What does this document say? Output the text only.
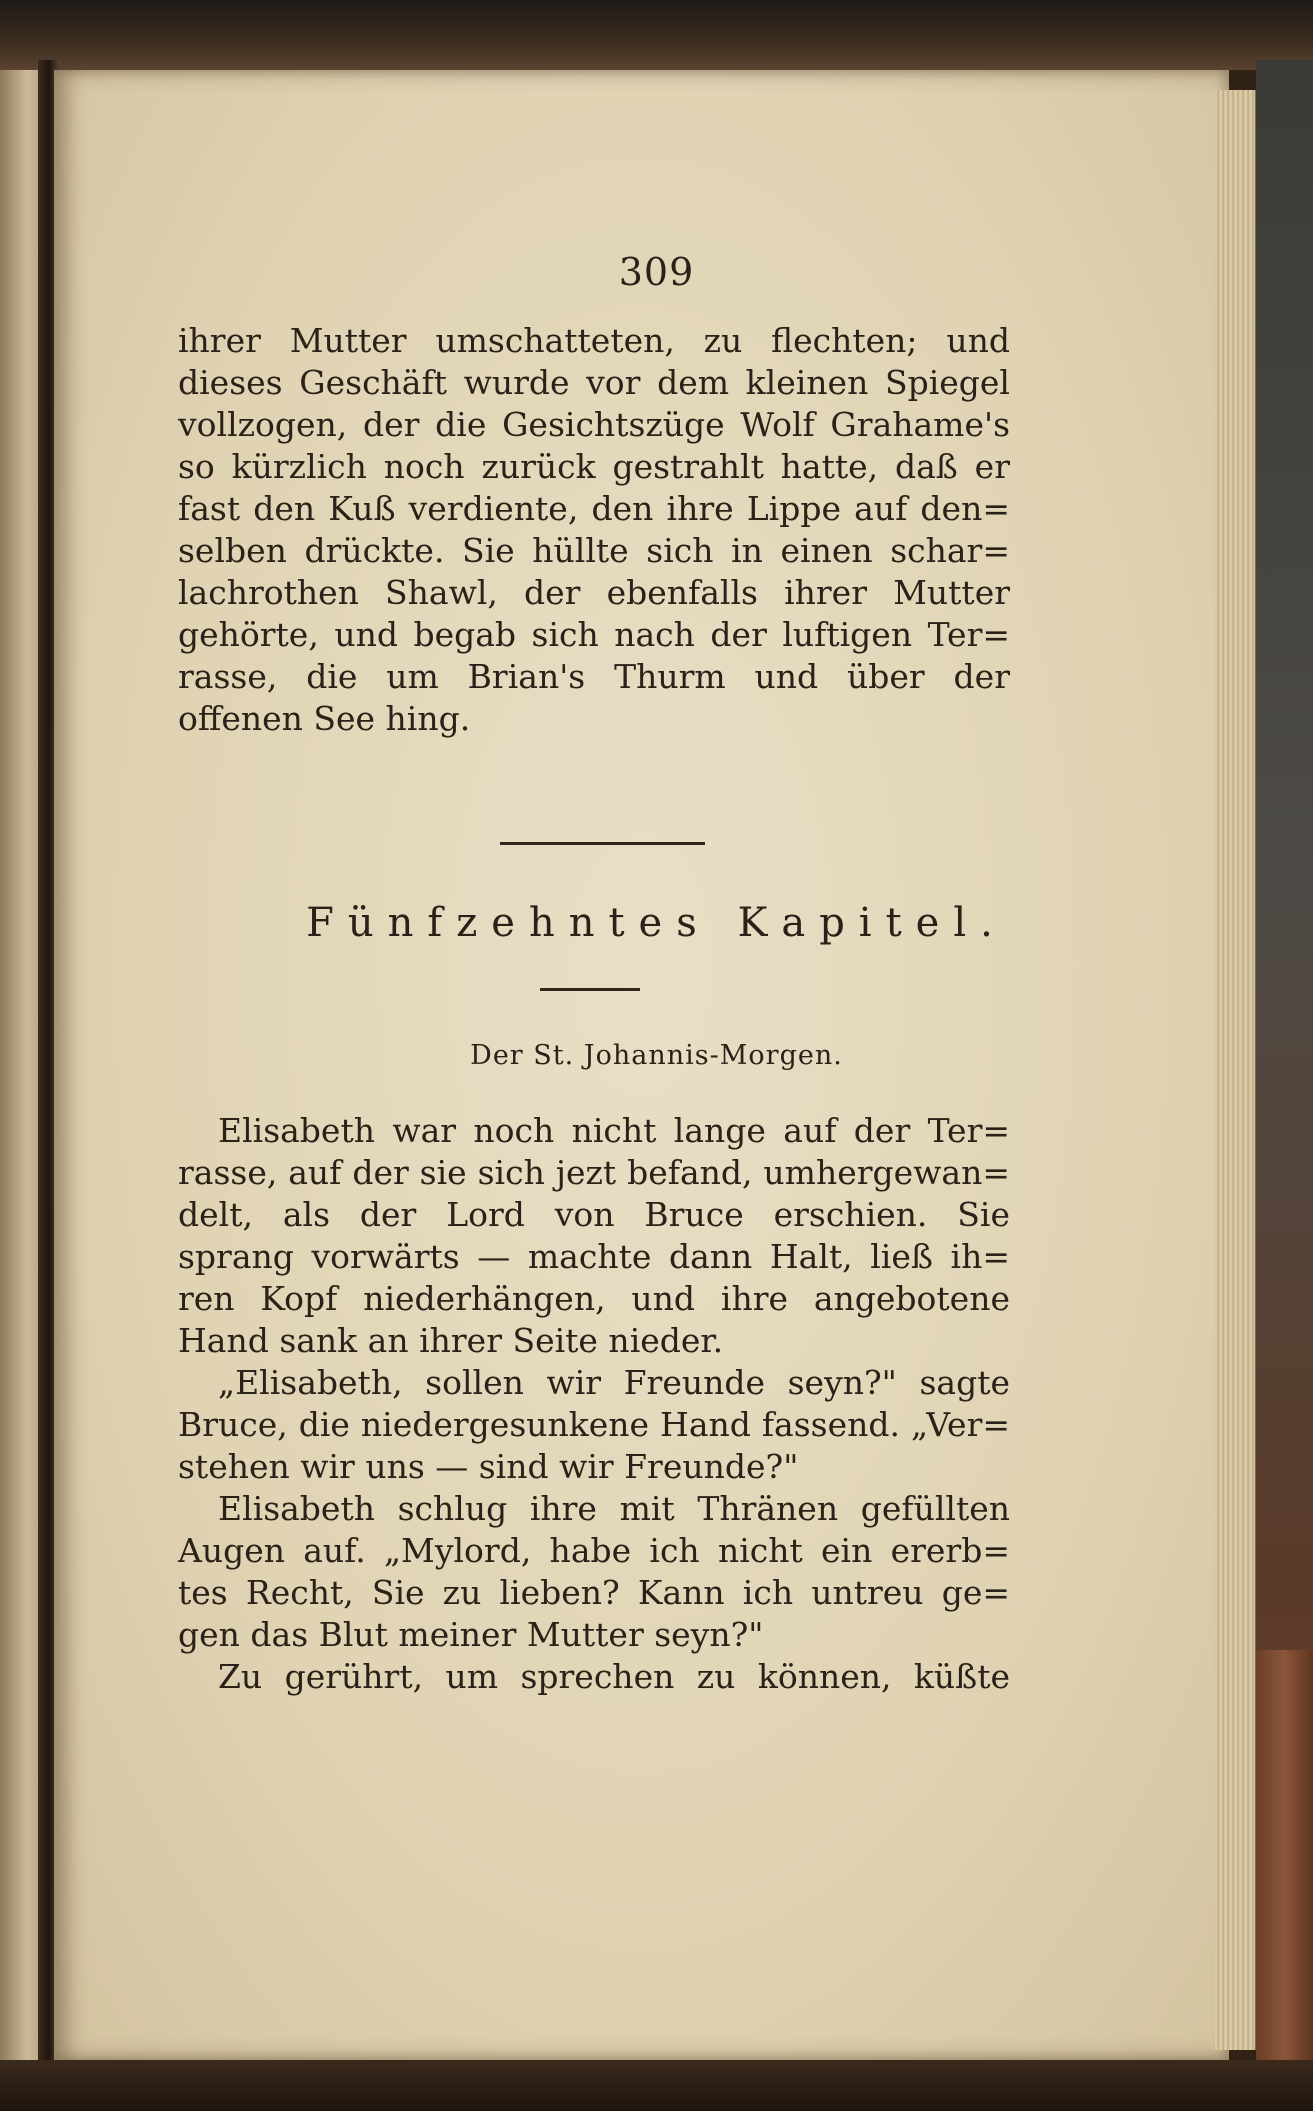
309
ihrer Mutter umschatteten, zu flechten; und
dieses Geschäft wurde vor dem kleinen Spiegel
vollzogen, der die Gesichtszüge Wolf Grahame's
so kürzlich noch zurück gestrahlt hatte, daß er
fast den Kuß verdiente, den ihre Lippe auf den=
selben drückte. Sie hüllte sich in einen schar=
lachrothen Shawl, der ebenfalls ihrer Mutter
gehörte, und begab sich nach der luftigen Ter=
rasse, die um Brian's Thurm und über der
offenen See hing.
Fünfzehntes Kapitel.
Der St. Johannis-Morgen.
Elisabeth war noch nicht lange auf der Ter=
rasse, auf der sie sich jezt befand, umhergewan=
delt, als der Lord von Bruce erschien. Sie
sprang vorwärts — machte dann Halt, ließ ih=
ren Kopf niederhängen, und ihre angebotene
Hand sank an ihrer Seite nieder.
„Elisabeth, sollen wir Freunde seyn?" sagte
Bruce, die niedergesunkene Hand fassend. „Ver=
stehen wir uns — sind wir Freunde?"
Elisabeth schlug ihre mit Thränen gefüllten
Augen auf. „Mylord, habe ich nicht ein ererb=
tes Recht, Sie zu lieben? Kann ich untreu ge=
gen das Blut meiner Mutter seyn?"
Zu gerührt, um sprechen zu können, küßte
